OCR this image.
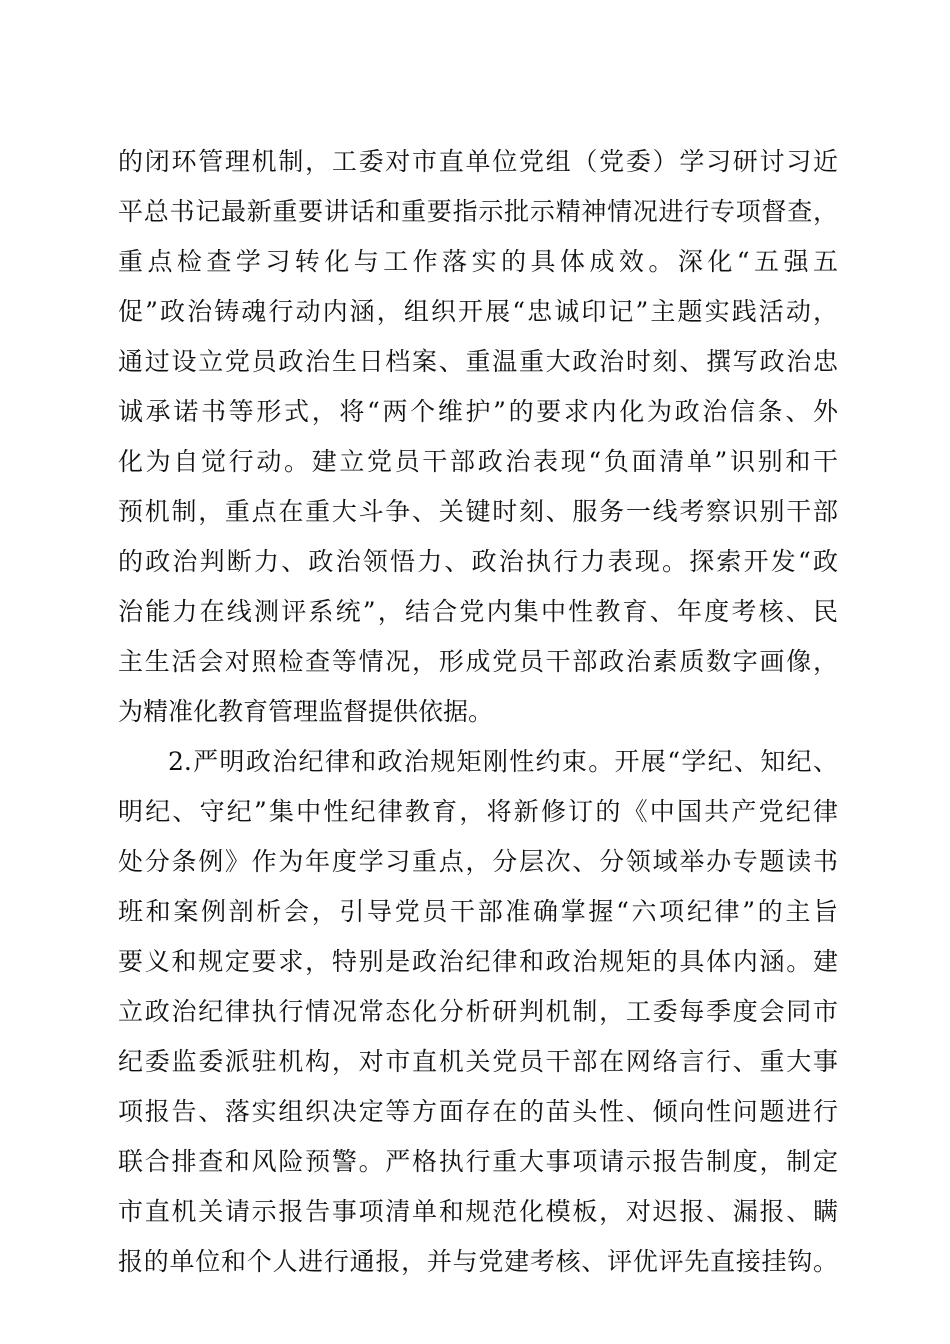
的闭环管理机制，工委对市直单位党组（党委）学习研讨习近
平总书记最新重要讲话和重要指示批示精神情况进行专项督查，
重点检查学习转化与工作落实的具体成效。深化“五强五
促”政治铸魂行动内涵，组织开展“忠诚印记”主题实践活动，
通过设立党员政治生日档案、重温重大政治时刻、撰写政治忠
诚承诺书等形式，将“两个维护”的要求内化为政治信条、外
化为自觉行动。建立党员干部政治表现“负面清单”识别和干
预机制，重点在重大斗争、关键时刻、服务一线考察识别干部
的政治判断力、政治领悟力、政治执行力表现。探索开发“政
治能力在线测评系统”，结合党内集中性教育、年度考核、民
主生活会对照检查等情况，形成党员干部政治素质数字画像，
为精准化教育管理监督提供依据。
2.严明政治纪律和政治规矩刚性约束。开展“学纪、知纪、
明纪、守纪”集中性纪律教育，将新修订的《中国共产党纪律
处分条例》作为年度学习重点，分层次、分领域举办专题读书
班和案例剖析会，引导党员干部准确掌握“六项纪律”的主旨
要义和规定要求，特别是政治纪律和政治规矩的具体内涵。建
立政治纪律执行情况常态化分析研判机制，工委每季度会同市
纪委监委派驻机构，对市直机关党员干部在网络言行、重大事
项报告、落实组织决定等方面存在的苗头性、倾向性问题进行
联合排查和风险预警。严格执行重大事项请示报告制度，制定
市直机关请示报告事项清单和规范化模板，对迟报、漏报、瞒
报的单位和个人进行通报，并与党建考核、评优评先直接挂钩。
